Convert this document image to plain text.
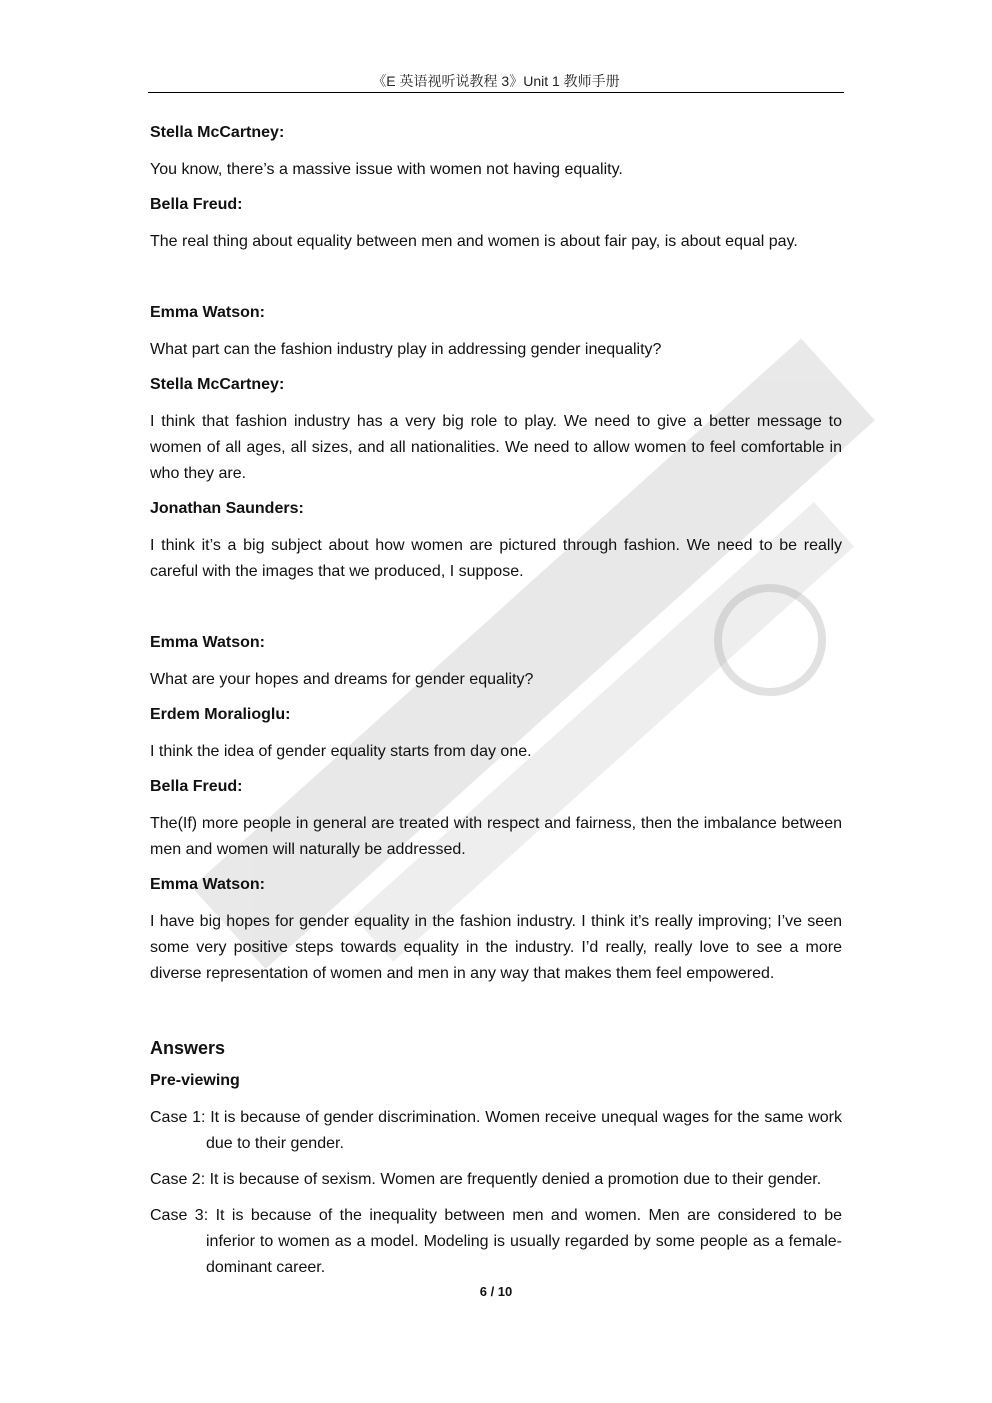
《E 英语视听说教程 3》Unit 1 教师手册
Stella McCartney:
You know, there’s a massive issue with women not having equality.
Bella Freud:
The real thing about equality between men and women is about fair pay, is about equal pay.
Emma Watson:
What part can the fashion industry play in addressing gender inequality?
Stella McCartney:
I think that fashion industry has a very big role to play. We need to give a better message to women of all ages, all sizes, and all nationalities. We need to allow women to feel comfortable in who they are.
Jonathan Saunders:
I think it’s a big subject about how women are pictured through fashion. We need to be really careful with the images that we produced, I suppose.
Emma Watson:
What are your hopes and dreams for gender equality?
Erdem Moralioglu:
I think the idea of gender equality starts from day one.
Bella Freud:
The(If) more people in general are treated with respect and fairness, then the imbalance between men and women will naturally be addressed.
Emma Watson:
I have big hopes for gender equality in the fashion industry. I think it’s really improving; I’ve seen some very positive steps towards equality in the industry. I’d really, really love to see a more diverse representation of women and men in any way that makes them feel empowered.
Answers
Pre-viewing
Case 1: It is because of gender discrimination. Women receive unequal wages for the same work due to their gender.
Case 2: It is because of sexism. Women are frequently denied a promotion due to their gender.
Case 3: It is because of the inequality between men and women. Men are considered to be inferior to women as a model. Modeling is usually regarded by some people as a female-dominant career.
6 / 10
